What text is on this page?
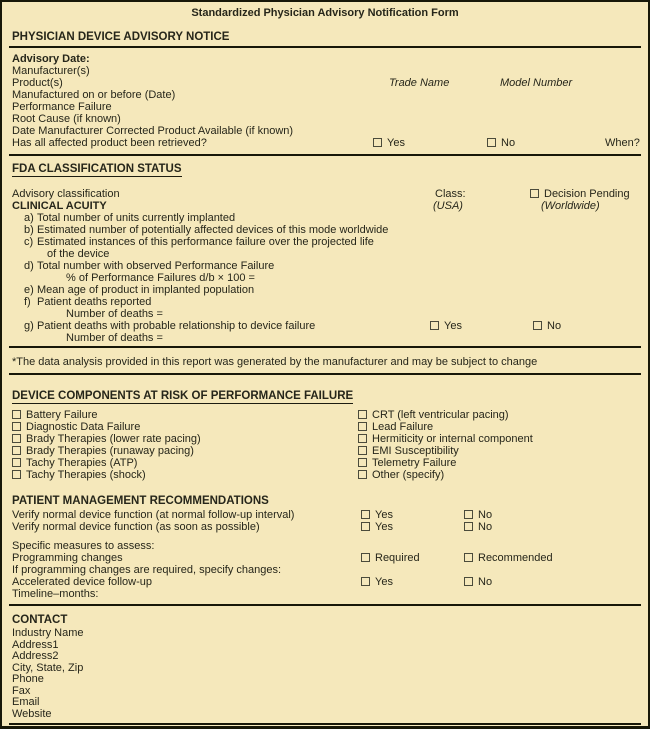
Standardized Physician Advisory Notification Form
PHYSICIAN DEVICE ADVISORY NOTICE
Advisory Date:
Manufacturer(s)
Product(s)	Trade Name	Model Number
Manufactured on or before (Date)
Performance Failure
Root Cause (if known)
Date Manufacturer Corrected Product Available (if known)
Has all affected product been retrieved?	Yes	No	When?
FDA CLASSIFICATION STATUS
Advisory classification	Class:	Decision Pending
CLINICAL ACUITY	(USA)	(Worldwide)
a) Total number of units currently implanted
b) Estimated number of potentially affected devices of this mode worldwide
c) Estimated instances of this performance failure over the projected life
of the device
d) Total number with observed Performance Failure
% of Performance Failures d/b × 100 =
e) Mean age of product in implanted population
f) Patient deaths reported
Number of deaths =
g) Patient deaths with probable relationship to device failure	Yes	No
Number of deaths =
*The data analysis provided in this report was generated by the manufacturer and may be subject to change
DEVICE COMPONENTS AT RISK OF PERFORMANCE FAILURE
Battery Failure	CRT (left ventricular pacing)
Diagnostic Data Failure	Lead Failure
Brady Therapies (lower rate pacing)	Hermiticity or internal component
Brady Therapies (runaway pacing)	EMI Susceptibility
Tachy Therapies (ATP)	Telemetry Failure
Tachy Therapies (shock)	Other (specify)
PATIENT MANAGEMENT RECOMMENDATIONS
Verify normal device function (at normal follow-up interval)	Yes	No
Verify normal device function (as soon as possible)	Yes	No
Specific measures to assess:
Programming changes	Required	Recommended
If programming changes are required, specify changes:
Accelerated device follow-up	Yes	No
Timeline–months:
CONTACT
Industry Name
Address1
Address2
City, State, Zip
Phone
Fax
Email
Website
